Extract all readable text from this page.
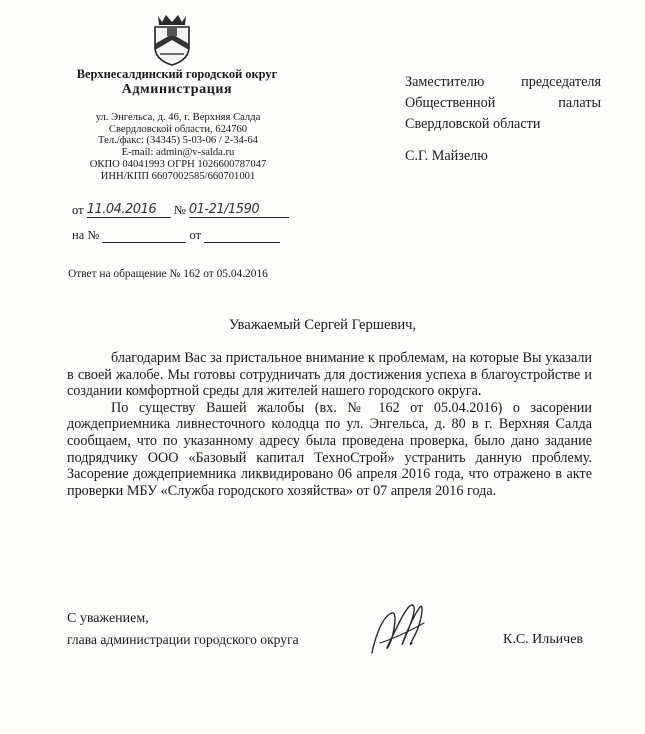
Верхнесалдинский городской округ
Администрация
ул. Энгельса, д. 46, г. Верхняя Салда
Свердловской области, 624760
Тел./факс: (34345) 5-03-06 / 2-34-64
E-mail: admin@v-salda.ru
ОКПО 04041993 ОГРН 1026600787047
ИНН/КПП 6607002585/660701001
от 11.04.2016 № 01-21/1590
на №	от
Заместителю	председателя
Общественной	палаты
Свердловской области
С.Г. Майзелю
Ответ на обращение № 162 от 05.04.2016
Уважаемый Сергей Гершевич,

благодарим Вас за пристальное внимание к проблемам, на которые Вы указали в своей жалобе. Мы готовы сотрудничать для достижения успеха в благоустройстве и создании комфортной среды для жителей нашего городского округа.

По существу Вашей жалобы (вх. № 162 от 05.04.2016) о засорении дождеприемника ливнесточного колодца по ул. Энгельса, д. 80 в г. Верхняя Салда сообщаем, что по указанному адресу была проведена проверка, было дано задание подрядчику ООО «Базовый капитал ТехноСтрой» устранить данную проблему. Засорение дождеприемника ликвидировано 06 апреля 2016 года, что отражено в акте проверки МБУ «Служба городского хозяйства» от 07 апреля 2016 года.

С уважением,
глава администрации городского округа	К.С. Ильичев
